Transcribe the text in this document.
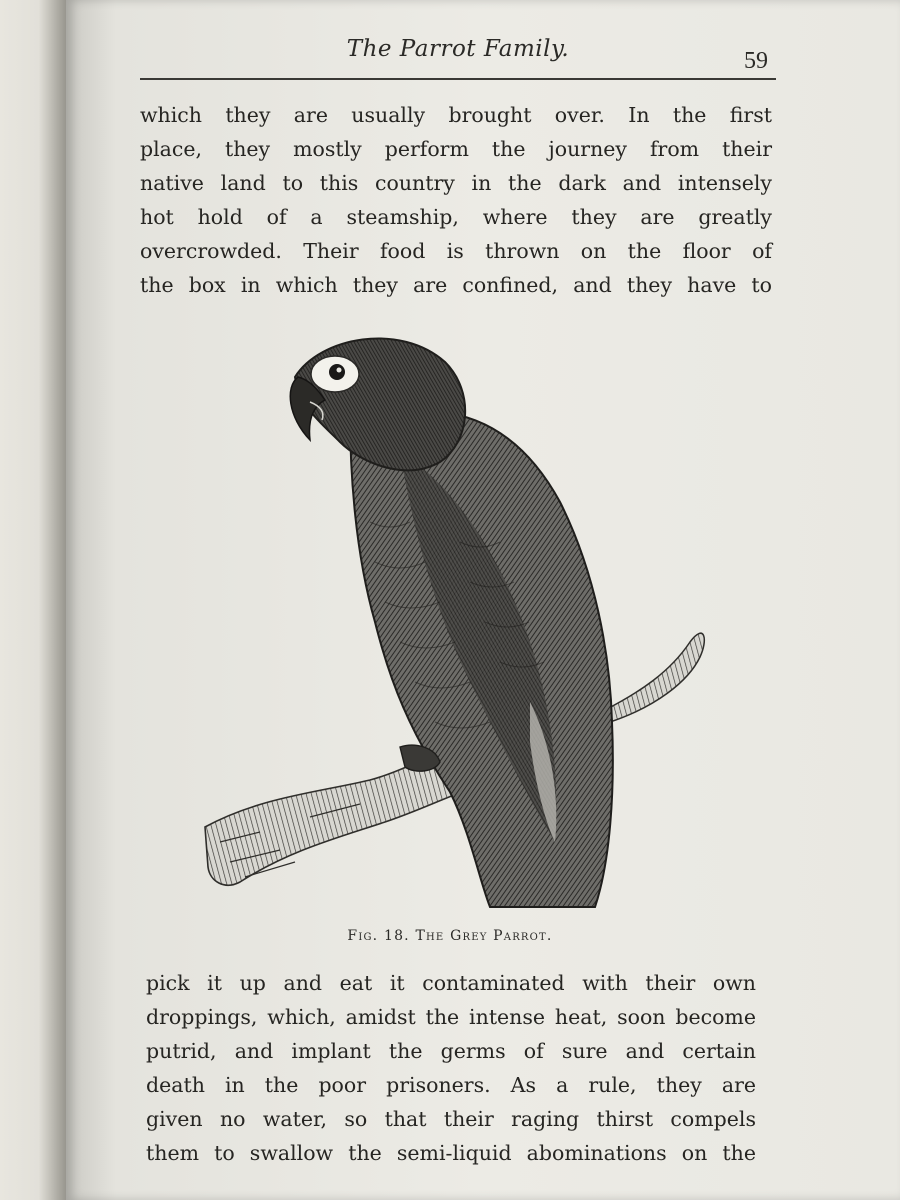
The Parrot Family.	59
which they are usually brought over. In the first
place, they mostly perform the journey from their
native land to this country in the dark and intensely
hot hold of a steamship, where they are greatly
overcrowded. Their food is thrown on the floor of
the box in which they are confined, and they have to
Fig. 18. The Grey Parrot.
pick it up and eat it contaminated with their own
droppings, which, amidst the intense heat, soon become
putrid, and implant the germs of sure and certain
death in the poor prisoners. As a rule, they are
given no water, so that their raging thirst compels
them to swallow the semi-liquid abominations on the
